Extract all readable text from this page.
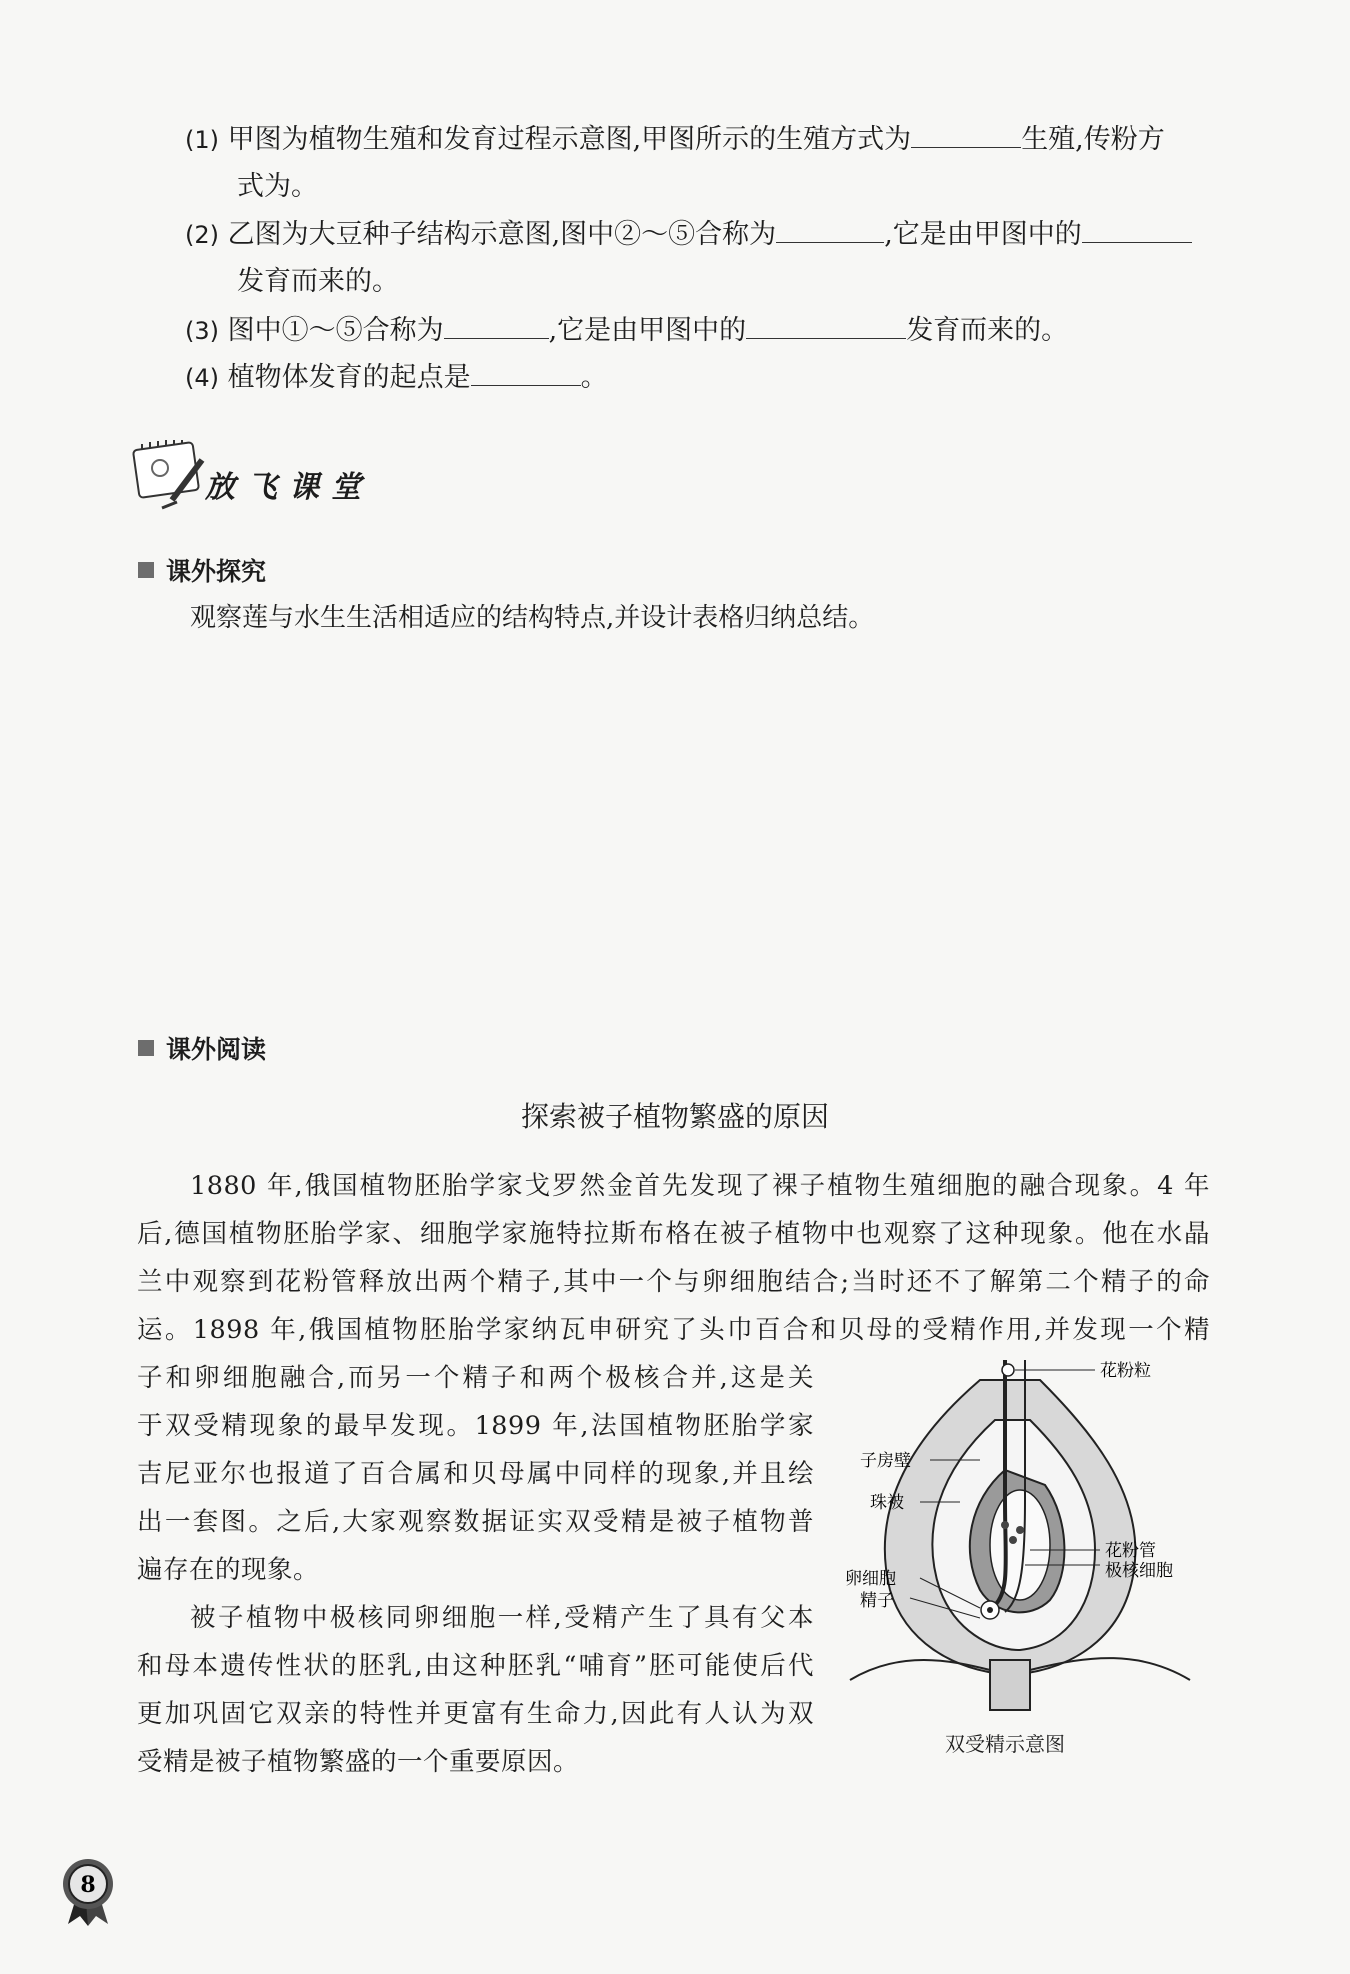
(1) 甲图为植物生殖和发育过程示意图,甲图所示的生殖方式为	生殖,传粉方
式为。
(2) 乙图为大豆种子结构示意图,图中②～⑤合称为	,它是由甲图中的
发育而来的。
(3) 图中①～⑤合称为	,它是由甲图中的	发育而来的。
(4) 植物体发育的起点是	。
放飞课堂
课外探究
观察莲与水生生活相适应的结构特点,并设计表格归纳总结。
课外阅读
探索被子植物繁盛的原因
1880 年,俄国植物胚胎学家戈罗然金首先发现了裸子植物生殖细胞的融合现象。4 年
后,德国植物胚胎学家、细胞学家施特拉斯布格在被子植物中也观察了这种现象。他在水晶
兰中观察到花粉管释放出两个精子,其中一个与卵细胞结合;当时还不了解第二个精子的命
运。1898 年,俄国植物胚胎学家纳瓦申研究了头巾百合和贝母的受精作用,并发现一个精
子和卵细胞融合,而另一个精子和两个极核合并,这是关
于双受精现象的最早发现。1899 年,法国植物胚胎学家
吉尼亚尔也报道了百合属和贝母属中同样的现象,并且绘
出一套图。之后,大家观察数据证实双受精是被子植物普
遍存在的现象。
被子植物中极核同卵细胞一样,受精产生了具有父本
和母本遗传性状的胚乳,由这种胚乳“哺育”胚可能使后代
更加巩固它双亲的特性并更富有生命力,因此有人认为双
受精是被子植物繁盛的一个重要原因。
花粉粒
子房壁
珠被
花粉管
极核细胞
卵细胞
精子
双受精示意图
8
